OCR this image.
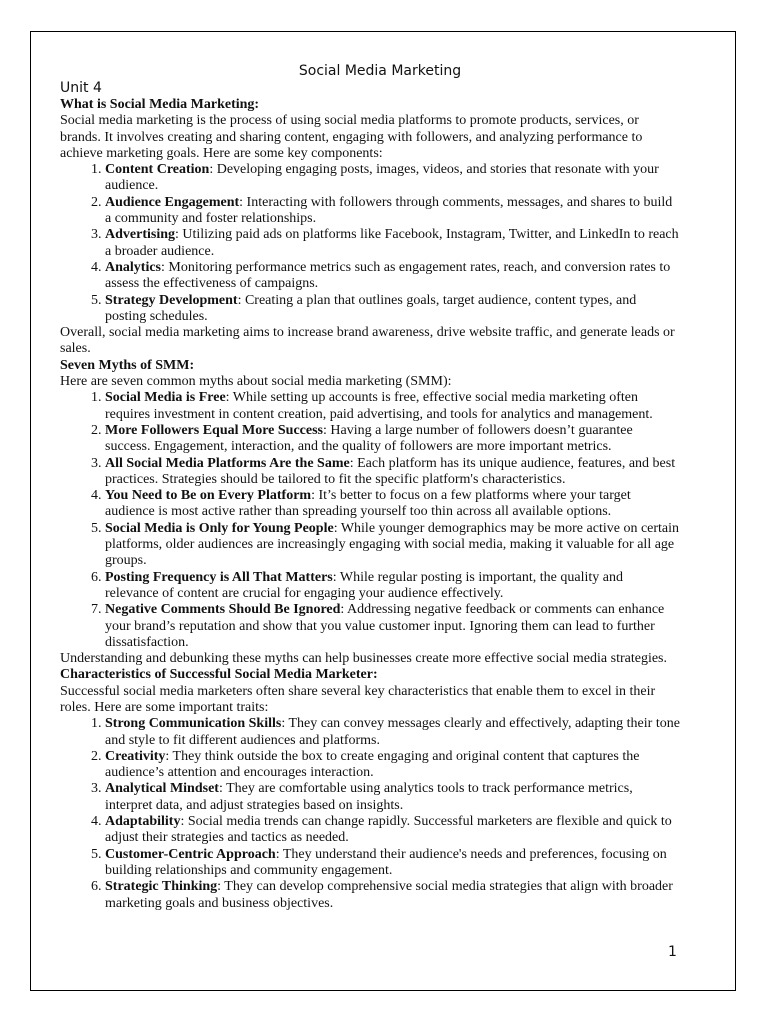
Social Media Marketing
Unit 4

What is Social Media Marketing:

Social media marketing is the process of using social media platforms to promote products, services, or brands. It involves creating and sharing content, engaging with followers, and analyzing performance to achieve marketing goals. Here are some key components:

1. Content Creation: Developing engaging posts, images, videos, and stories that resonate with your audience.
2. Audience Engagement: Interacting with followers through comments, messages, and shares to build a community and foster relationships.
3. Advertising: Utilizing paid ads on platforms like Facebook, Instagram, Twitter, and LinkedIn to reach a broader audience.
4. Analytics: Monitoring performance metrics such as engagement rates, reach, and conversion rates to assess the effectiveness of campaigns.
5. Strategy Development: Creating a plan that outlines goals, target audience, content types, and posting schedules.

Overall, social media marketing aims to increase brand awareness, drive website traffic, and generate leads or sales.

Seven Myths of SMM:

Here are seven common myths about social media marketing (SMM):

1. Social Media is Free: While setting up accounts is free, effective social media marketing often requires investment in content creation, paid advertising, and tools for analytics and management.
2. More Followers Equal More Success: Having a large number of followers doesn’t guarantee success. Engagement, interaction, and the quality of followers are more important metrics.
3. All Social Media Platforms Are the Same: Each platform has its unique audience, features, and best practices. Strategies should be tailored to fit the specific platform's characteristics.
4. You Need to Be on Every Platform: It’s better to focus on a few platforms where your target audience is most active rather than spreading yourself too thin across all available options.
5. Social Media is Only for Young People: While younger demographics may be more active on certain platforms, older audiences are increasingly engaging with social media, making it valuable for all age groups.
6. Posting Frequency is All That Matters: While regular posting is important, the quality and relevance of content are crucial for engaging your audience effectively.
7. Negative Comments Should Be Ignored: Addressing negative feedback or comments can enhance your brand’s reputation and show that you value customer input. Ignoring them can lead to further dissatisfaction.

Understanding and debunking these myths can help businesses create more effective social media strategies.

Characteristics of Successful Social Media Marketer:

Successful social media marketers often share several key characteristics that enable them to excel in their roles. Here are some important traits:

1. Strong Communication Skills: They can convey messages clearly and effectively, adapting their tone and style to fit different audiences and platforms.
2. Creativity: They think outside the box to create engaging and original content that captures the audience’s attention and encourages interaction.
3. Analytical Mindset: They are comfortable using analytics tools to track performance metrics, interpret data, and adjust strategies based on insights.
4. Adaptability: Social media trends can change rapidly. Successful marketers are flexible and quick to adjust their strategies and tactics as needed.
5. Customer-Centric Approach: They understand their audience's needs and preferences, focusing on building relationships and community engagement.
6. Strategic Thinking: They can develop comprehensive social media strategies that align with broader marketing goals and business objectives.
1
